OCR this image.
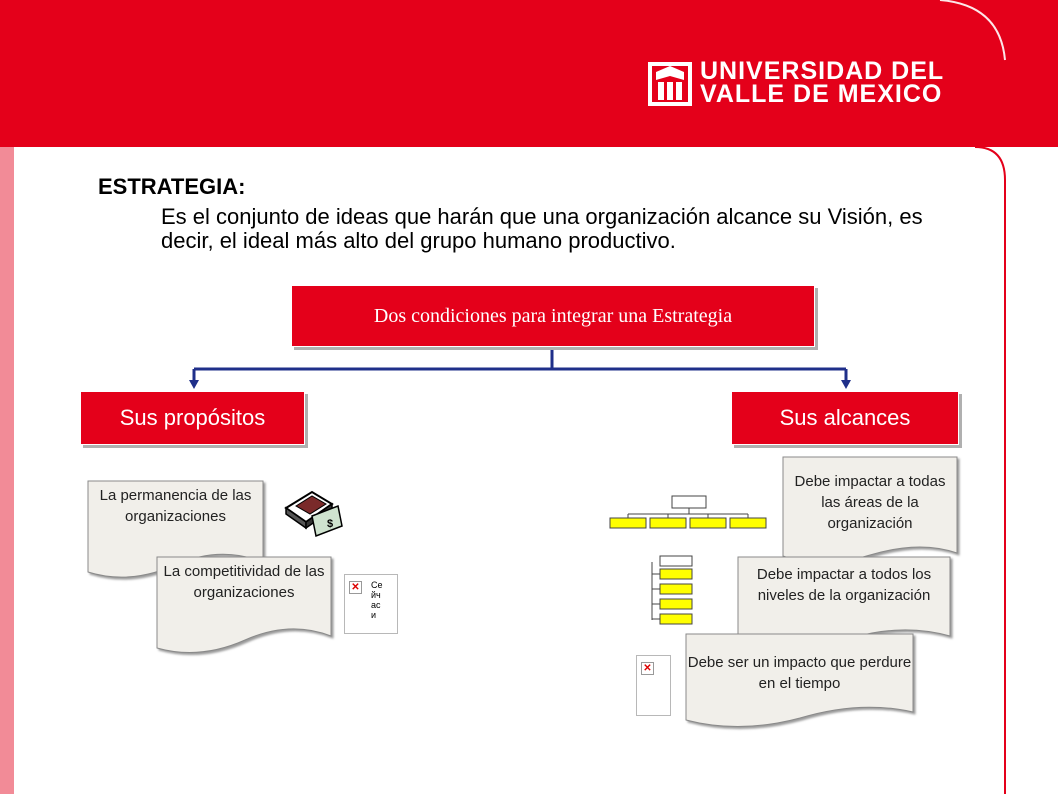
UNIVERSIDAD DEL
VALLE DE MEXICO
ESTRATEGIA:
Es el conjunto de ideas que harán que una organización alcance su Visión, es decir, el ideal más alto del grupo humano productivo.
Dos condiciones para integrar una Estrategia
Sus propósitos	Sus alcances
La permanencia de las organizaciones
La competitividad de las organizaciones
Debe impactar a todas las áreas de la organización
Debe impactar a todos los niveles de la organización
Debe ser un impacto que perdure en el tiempo
$
✕ Се йч ас и
✕
